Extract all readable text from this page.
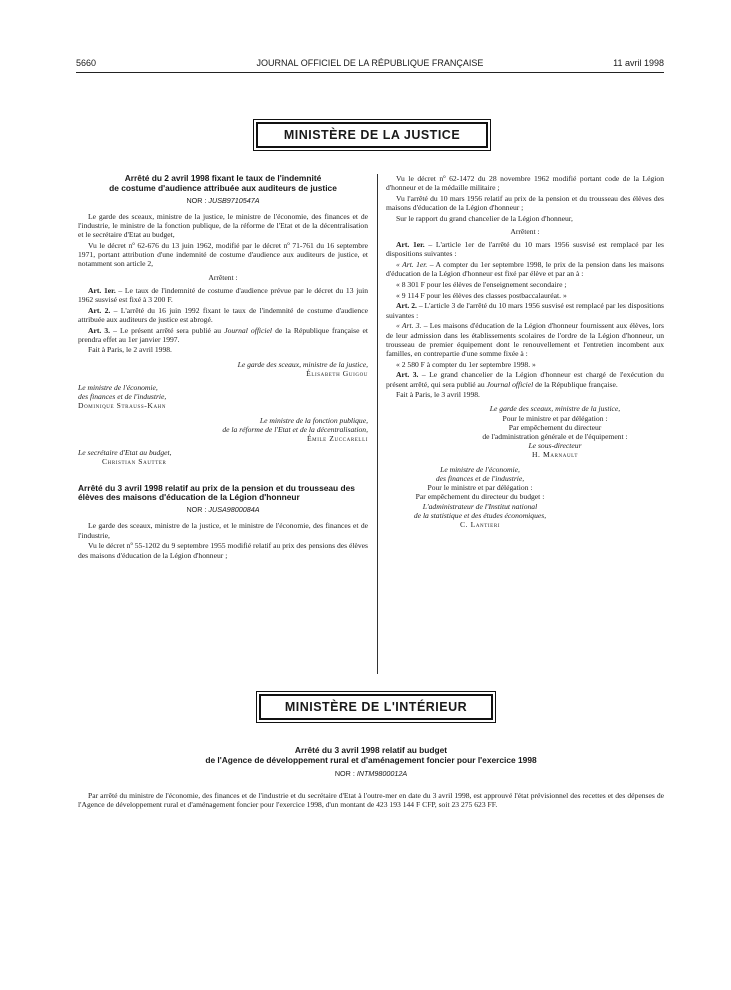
5660	JOURNAL OFFICIEL DE LA RÉPUBLIQUE FRANÇAISE	11 avril 1998
MINISTÈRE DE LA JUSTICE
Arrêté du 2 avril 1998 fixant le taux de l'indemnité
de costume d'audience attribuée aux auditeurs de justice
NOR : JUSB9710547A

Le garde des sceaux, ministre de la justice, le ministre de l'économie, des finances et de l'industrie, le ministre de la fonction publique, de la réforme de l'Etat et de la décentralisation et le secrétaire d'Etat au budget,

Vu le décret nº 62-676 du 13 juin 1962, modifié par le décret nº 71-761 du 16 septembre 1971, portant attribution d'une indemnité de costume d'audience aux auditeurs de justice, et notamment son article 2,

Arrêtent :

Art. 1er. – Le taux de l'indemnité de costume d'audience prévue par le décret du 13 juin 1962 susvisé est fixé à 3 200 F.

Art. 2. – L'arrêté du 16 juin 1992 fixant le taux de l'indemnité de costume d'audience attribuée aux auditeurs de justice est abrogé.

Art. 3. – Le présent arrêté sera publié au Journal officiel de la République française et prendra effet au 1er janvier 1997.

Fait à Paris, le 2 avril 1998.

Le garde des sceaux, ministre de la justice,

Élisabeth Guigou

Le ministre de l'économie,

des finances et de l'industrie,

Dominique Strauss-Kahn

Le ministre de la fonction publique,

de la réforme de l'Etat et de la décentralisation,

Émile Zuccarelli

Le secrétaire d'Etat au budget,

Christian Sautter

Arrêté du 3 avril 1998 relatif au prix de la pension et du trousseau des élèves des maisons d'éducation de la Légion d'honneur
NOR : JUSA9800084A

Le garde des sceaux, ministre de la justice, et le ministre de l'économie, des finances et de l'industrie,

Vu le décret nº 55-1202 du 9 septembre 1955 modifié relatif au prix des pensions des élèves des maisons d'éducation de la Légion d'honneur ;

Vu le décret nº 62-1472 du 28 novembre 1962 modifié portant code de la Légion d'honneur et de la médaille militaire ;

Vu l'arrêté du 10 mars 1956 relatif au prix de la pension et du trousseau des élèves des maisons d'éducation de la Légion d'honneur ;

Sur le rapport du grand chancelier de la Légion d'honneur,

Arrêtent :

Art. 1er. – L'article 1er de l'arrêté du 10 mars 1956 susvisé est remplacé par les dispositions suivantes :

« Art. 1er. – A compter du 1er septembre 1998, le prix de la pension dans les maisons d'éducation de la Légion d'honneur est fixé par élève et par an à :

« 8 301 F pour les élèves de l'enseignement secondaire ;

« 9 114 F pour les élèves des classes postbaccalauréat. »

Art. 2. – L'article 3 de l'arrêté du 10 mars 1956 susvisé est remplacé par les dispositions suivantes :

« Art. 3. – Les maisons d'éducation de la Légion d'honneur fournissent aux élèves, lors de leur admission dans les établissements scolaires de l'ordre de la Légion d'honneur, un trousseau de premier équipement dont le renouvellement et l'entretien incombent aux familles, en contrepartie d'une somme fixée à :

« 2 580 F à compter du 1er septembre 1998. »

Art. 3. – Le grand chancelier de la Légion d'honneur est chargé de l'exécution du présent arrêté, qui sera publié au Journal officiel de la République française.

Fait à Paris, le 3 avril 1998.

Le garde des sceaux, ministre de la justice,

Pour le ministre et par délégation :

Par empêchement du directeur

de l'administration générale et de l'équipement :

Le sous-directeur

H. Marnault

Le ministre de l'économie,

des finances et de l'industrie,

Pour le ministre et par délégation :

Par empêchement du directeur du budget :

L'administrateur de l'Institut national

de la statistique et des études économiques,

C. Lantieri

MINISTÈRE DE L'INTÉRIEUR
Arrêté du 3 avril 1998 relatif au budget
de l'Agence de développement rural et d'aménagement foncier pour l'exercice 1998
NOR : INTM9800012A

Par arrêté du ministre de l'économie, des finances et de l'industrie et du secrétaire d'Etat à l'outre-mer en date du 3 avril 1998, est approuvé l'état prévisionnel des recettes et des dépenses de l'Agence de développement rural et d'aménagement foncier pour l'exercice 1998, d'un montant de 423 193 144 F CFP, soit 23 275 623 FF.
